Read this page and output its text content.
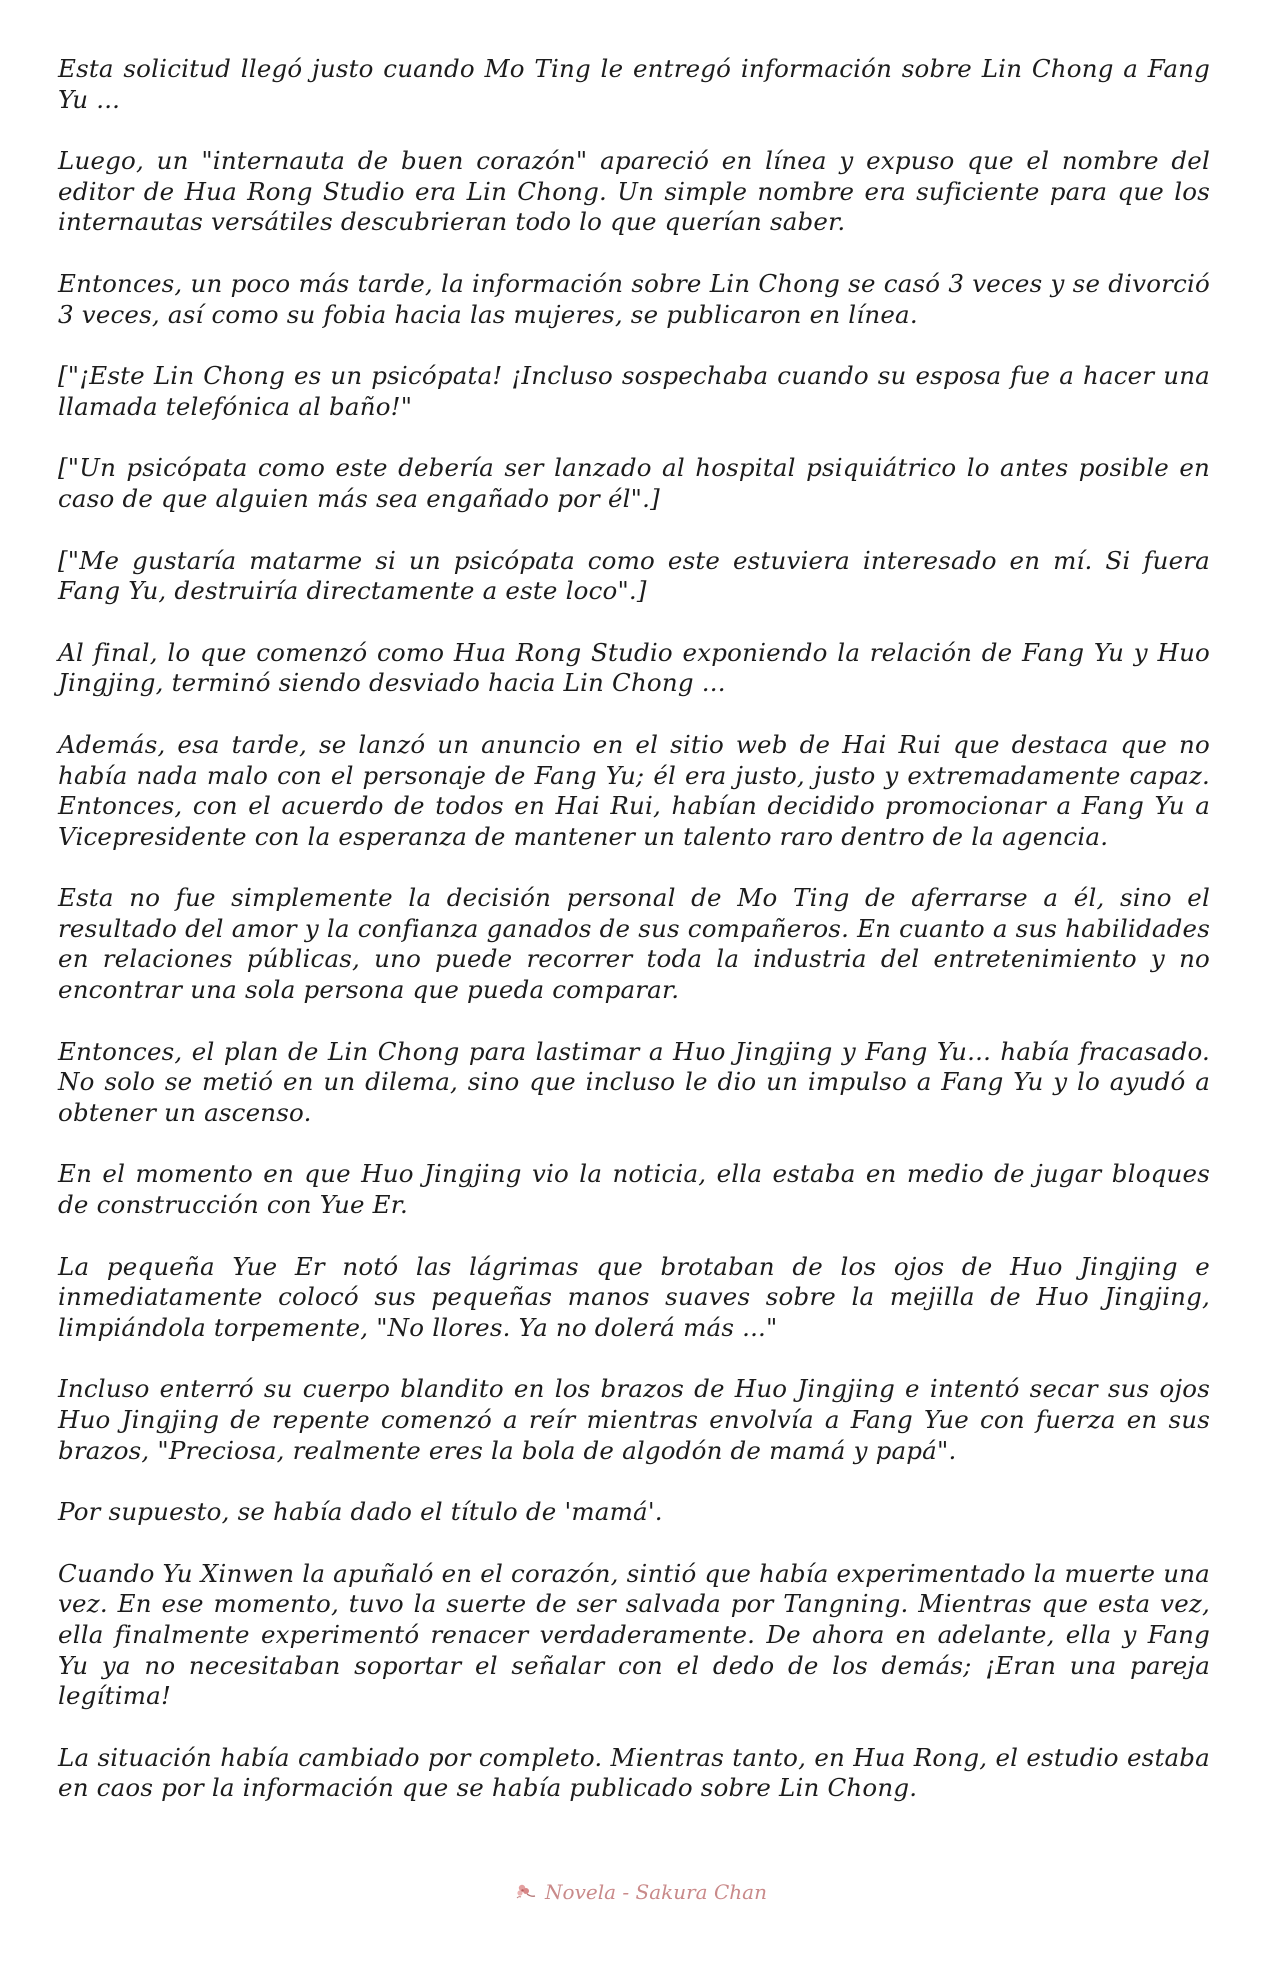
Esta solicitud llegó justo cuando Mo Ting le entregó información sobre Lin Chong a Fang Yu ...

Luego, un "internauta de buen corazón" apareció en línea y expuso que el nombre del editor de Hua Rong Studio era Lin Chong. Un simple nombre era suficiente para que los internautas versátiles descubrieran todo lo que querían saber.

Entonces, un poco más tarde, la información sobre Lin Chong se casó 3 veces y se divorció 3 veces, así como su fobia hacia las mujeres, se publicaron en línea.

["¡Este Lin Chong es un psicópata! ¡Incluso sospechaba cuando su esposa fue a hacer una llamada telefónica al baño!"

["Un psicópata como este debería ser lanzado al hospital psiquiátrico lo antes posible en caso de que alguien más sea engañado por él".]

["Me gustaría matarme si un psicópata como este estuviera interesado en mí. Si fuera Fang Yu, destruiría directamente a este loco".]

Al final, lo que comenzó como Hua Rong Studio exponiendo la relación de Fang Yu y Huo Jingjing, terminó siendo desviado hacia Lin Chong ...

Además, esa tarde, se lanzó un anuncio en el sitio web de Hai Rui que destaca que no había nada malo con el personaje de Fang Yu; él era justo, justo y extremadamente capaz. Entonces, con el acuerdo de todos en Hai Rui, habían decidido promocionar a Fang Yu a Vicepresidente con la esperanza de mantener un talento raro dentro de la agencia.

Esta no fue simplemente la decisión personal de Mo Ting de aferrarse a él, sino el resultado del amor y la confianza ganados de sus compañeros. En cuanto a sus habilidades en relaciones públicas, uno puede recorrer toda la industria del entretenimiento y no encontrar una sola persona que pueda comparar.

Entonces, el plan de Lin Chong para lastimar a Huo Jingjing y Fang Yu... había fracasado. No solo se metió en un dilema, sino que incluso le dio un impulso a Fang Yu y lo ayudó a obtener un ascenso.

En el momento en que Huo Jingjing vio la noticia, ella estaba en medio de jugar bloques de construcción con Yue Er.

La pequeña Yue Er notó las lágrimas que brotaban de los ojos de Huo Jingjing e inmediatamente colocó sus pequeñas manos suaves sobre la mejilla de Huo Jingjing, limpiándola torpemente, "No llores. Ya no dolerá más ..."

Incluso enterró su cuerpo blandito en los brazos de Huo Jingjing e intentó secar sus ojos Huo Jingjing de repente comenzó a reír mientras envolvía a Fang Yue con fuerza en sus brazos, "Preciosa, realmente eres la bola de algodón de mamá y papá".

Por supuesto, se había dado el título de 'mamá'.

Cuando Yu Xinwen la apuñaló en el corazón, sintió que había experimentado la muerte una vez. En ese momento, tuvo la suerte de ser salvada por Tangning. Mientras que esta vez, ella finalmente experimentó renacer verdaderamente. De ahora en adelante, ella y Fang Yu ya no necesitaban soportar el señalar con el dedo de los demás; ¡Eran una pareja legítima!

La situación había cambiado por completo. Mientras tanto, en Hua Rong, el estudio estaba en caos por la información que se había publicado sobre Lin Chong.

Novela - Sakura Chan
